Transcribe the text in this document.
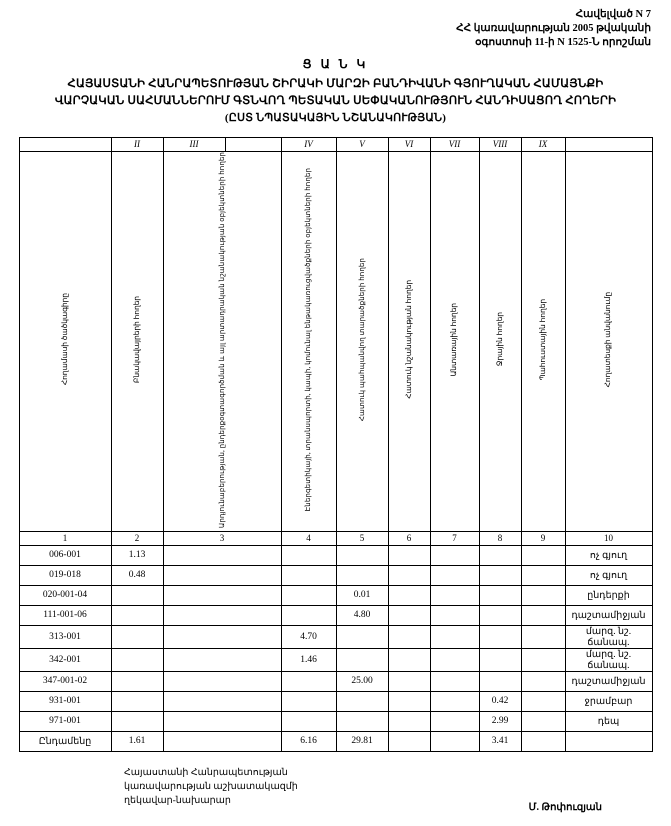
Հավելված N 7
ՀՀ կառավարության 2005 թվականի
օգոստոսի 11-ի N 1525-Ն որոշման
Ց Ա Ն Կ
ՀԱՅԱՍՏԱՆԻ ՀԱՆՐԱՊԵՏՈՒԹՅԱՆ ՇԻՐԱԿԻ ՄԱՐԶԻ ԲԱՆԴԻՎԱՆԻ ԳՅՈՒՂԱԿԱՆ ՀԱՄԱՅՆՔԻ
ՎԱՐՉԱԿԱՆ ՍԱՀՄԱՆՆԵՐՈՒՄ ԳՏՆՎՈՂ ՊԵՏԱԿԱՆ ՍԵՓԱԿԱՆՈՒԹՅՈՒՆ ՀԱՆԴԻՍԱՑՈՂ ՀՈՂԵՐԻ
(ԸՍՏ ՆՊԱՏԱԿԱՅԻՆ ՆՇԱՆԱԿՈՒԹՅԱՆ)
	II	III		IV	V	VI	VII	VIII	IX	
Հողամասի ծածկագիրը	Բնակավայրերի հողեր	Արդյունաբերության, ընդերքօգտագործման և այլ արտադրական նշանակության օբյեկտների հողեր		Էներգետիկայի, տրանսպորտի, կապի, կոմունալ ենթակառուցվածքների օբյեկտների հողեր	Հատուկ պահպանվող տարածքների հողեր	Հատուկ նշանակության հողեր	Անտառային հողեր	Ջրային հողեր	Պահուստային հողեր	Հողատեսքի անվանումը
1	2	3		4	5	6	7	8	9	10
006-001	1.13									ոչ գյուղ
019-018	0.48									ոչ գյուղ
020-001-04					0.01					ընդերքի
111-001-06					4.80					դաշտամիջյան
313-001				4.70						մարզ. նշ. ճանապ.
342-001				1.46						մարզ. նշ. ճանապ.
347-001-02					25.00					դաշտամիջյան
931-001								0.42		ջրամբար
971-001								2.99		դեպ
Ընդամենը	1.61			6.16	29.81			3.41		
Հայաստանի Հանրապետության
կառավարության աշխատակազմի
ղեկավար-նախարար
Մ. Թոփուզյան
